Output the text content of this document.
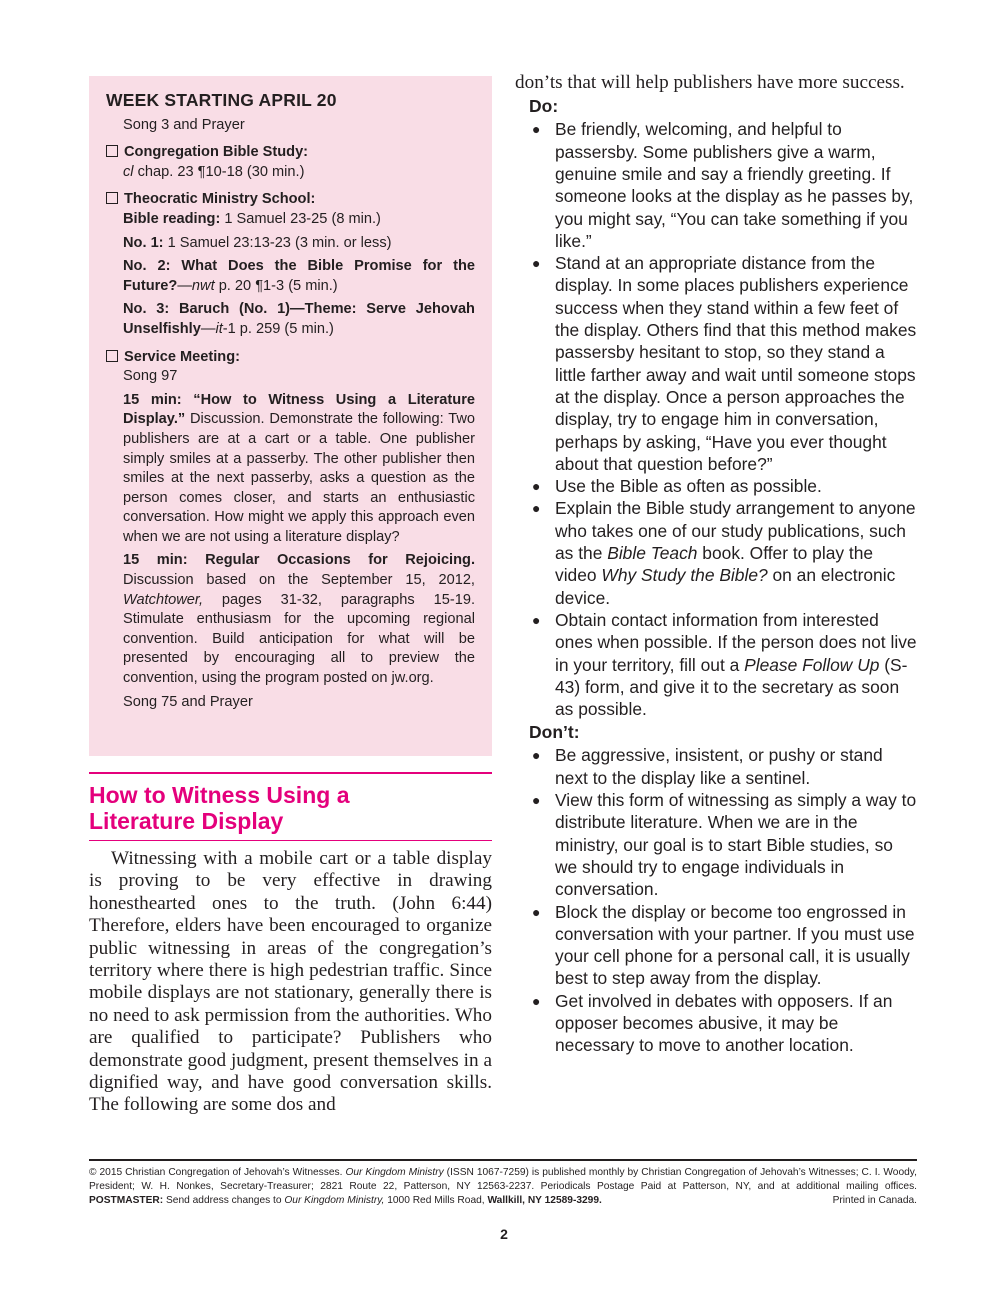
WEEK STARTING APRIL 20
Song 3 and Prayer
Congregation Bible Study:
cl chap. 23 ¶10-18 (30 min.)
Theocratic Ministry School:
Bible reading: 1 Samuel 23-25 (8 min.)
No. 1: 1 Samuel 23:13-23 (3 min. or less)
No. 2: What Does the Bible Promise for the Future?—nwt p. 20 ¶1-3 (5 min.)
No. 3: Baruch (No. 1)—Theme: Serve Jehovah Unselfishly—it-1 p. 259 (5 min.)
Service Meeting:
Song 97
15 min: “How to Witness Using a Literature Display.” Discussion. Demonstrate the following: Two publishers are at a cart or a table. One publisher simply smiles at a passerby. The other publisher then smiles at the next passerby, asks a question as the person comes closer, and starts an enthusiastic conversation. How might we apply this approach even when we are not using a literature display?
15 min: Regular Occasions for Rejoicing. Discussion based on the September 15, 2012, Watchtower, pages 31-32, paragraphs 15-19. Stimulate enthusiasm for the upcoming regional convention. Build anticipation for what will be presented by encouraging all to preview the convention, using the program posted on jw.org.
Song 75 and Prayer
How to Witness Using a
Literature Display

Witnessing with a mobile cart or a table display is proving to be very effective in drawing honesthearted ones to the truth. (John 6:44) Therefore, elders have been encouraged to organize public witnessing in areas of the congregation’s territory where there is high pedestrian traffic. Since mobile displays are not stationary, generally there is no need to ask permission from the authorities. Who are qualified to participate? Publishers who demonstrate good judgment, present themselves in a dignified way, and have good conversation skills. The following are some dos and

don’ts that will help publishers have more success.

Do:
● Be friendly, welcoming, and helpful to passersby. Some publishers give a warm, genuine smile and say a friendly greeting. If someone looks at the display as he passes by, you might say, “You can take something if you like.”
● Stand at an appropriate distance from the display. In some places publishers experience success when they stand within a few feet of the display. Others find that this method makes passersby hesitant to stop, so they stand a little farther away and wait until someone stops at the display. Once a person approaches the display, try to engage him in conversation, perhaps by asking, “Have you ever thought about that question before?”
● Use the Bible as often as possible.
● Explain the Bible study arrangement to anyone who takes one of our study publications, such as the Bible Teach book. Offer to play the video Why Study the Bible? on an electronic device.
● Obtain contact information from interested ones when possible. If the person does not live in your territory, fill out a Please Follow Up (S-43) form, and give it to the secretary as soon as possible.
Don’t:
● Be aggressive, insistent, or pushy or stand next to the display like a sentinel.
● View this form of witnessing as simply a way to distribute literature. When we are in the ministry, our goal is to start Bible studies, so we should try to engage individuals in conversation.
● Block the display or become too engrossed in conversation with your partner. If you must use your cell phone for a personal call, it is usually best to step away from the display.
● Get involved in debates with opposers. If an opposer becomes abusive, it may be necessary to move to another location.
© 2015 Christian Congregation of Jehovah’s Witnesses. Our Kingdom Ministry (ISSN 1067-7259) is published monthly by Christian Congregation of Jehovah’s Witnesses; C. I. Woody, President; W. H. Nonkes, Secretary-Treasurer; 2821 Route 22, Patterson, NY 12563-2237. Periodicals Postage Paid at Patterson, NY, and at additional mailing offices. POSTMASTER: Send address changes to Our Kingdom Ministry, 1000 Red Mills Road, Wallkill, NY 12589-3299.	Printed in Canada.
2
